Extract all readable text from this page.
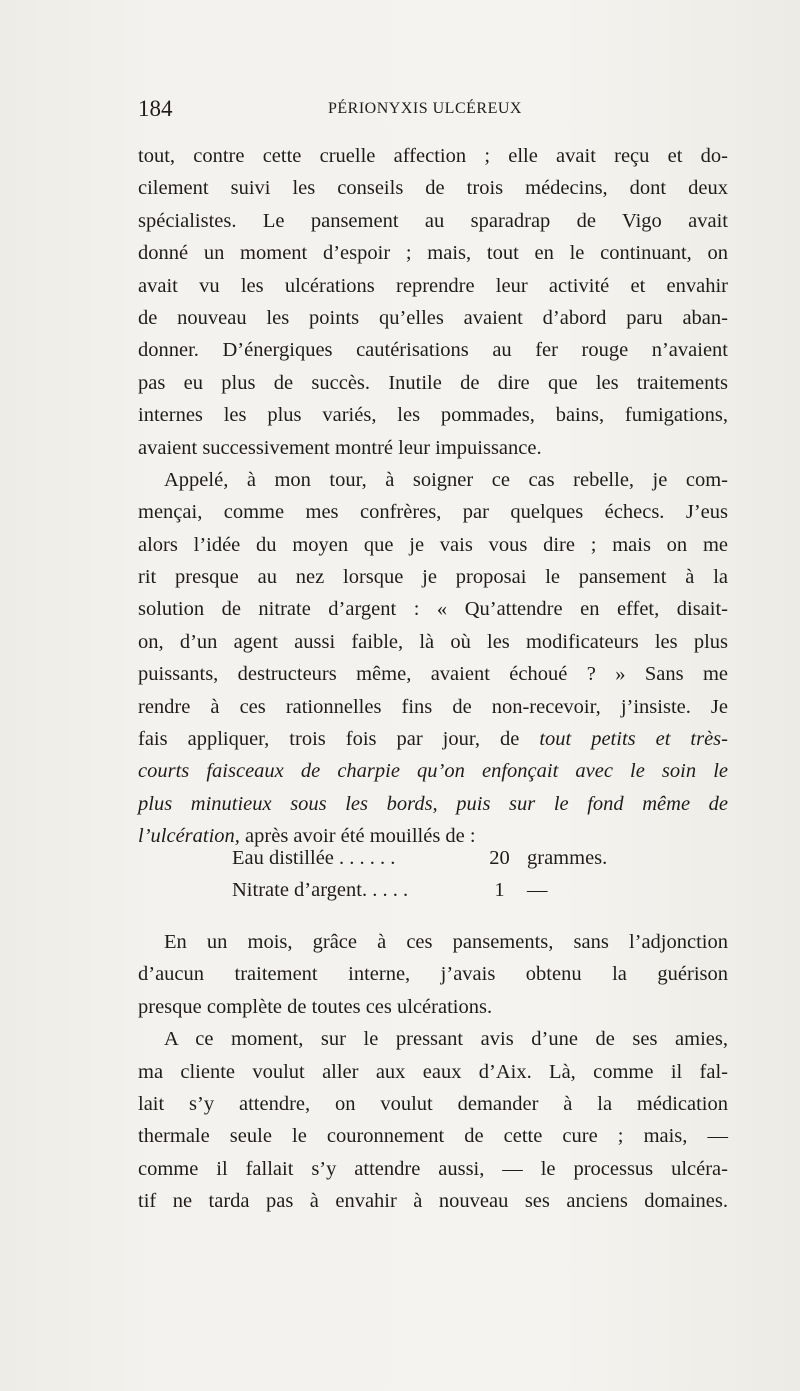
184	PÉRIONYXIS ULCÉREUX
tout, contre cette cruelle affection ; elle avait reçu et do-
cilement suivi les conseils de trois médecins, dont deux
spécialistes. Le pansement au sparadrap de Vigo avait
donné un moment d’espoir ; mais, tout en le continuant, on
avait vu les ulcérations reprendre leur activité et envahir
de nouveau les points qu’elles avaient d’abord paru aban-
donner. D’énergiques cautérisations au fer rouge n’avaient
pas eu plus de succès. Inutile de dire que les traitements
internes les plus variés, les pommades, bains, fumigations,
avaient successivement montré leur impuissance.
Appelé, à mon tour, à soigner ce cas rebelle, je com-
mençai, comme mes confrères, par quelques échecs. J’eus
alors l’idée du moyen que je vais vous dire ; mais on me
rit presque au nez lorsque je proposai le pansement à la
solution de nitrate d’argent : « Qu’attendre en effet, disait-
on, d’un agent aussi faible, là où les modificateurs les plus
puissants, destructeurs même, avaient échoué ? » Sans me
rendre à ces rationnelles fins de non-recevoir, j’insiste. Je
fais appliquer, trois fois par jour, de tout petits et très-
courts faisceaux de charpie qu’on enfonçait avec le soin le
plus minutieux sous les bords, puis sur le fond même de
l’ulcération, après avoir été mouillés de :
Eau distillée . . . . . .	20 grammes.
Nitrate d’argent. . . . .	1	—
En un mois, grâce à ces pansements, sans l’adjonction
d’aucun traitement interne, j’avais obtenu la guérison
presque complète de toutes ces ulcérations.
A ce moment, sur le pressant avis d’une de ses amies,
ma cliente voulut aller aux eaux d’Aix. Là, comme il fal-
lait s’y attendre, on voulut demander à la médication
thermale seule le couronnement de cette cure ; mais, —
comme il fallait s’y attendre aussi, — le processus ulcéra-
tif ne tarda pas à envahir à nouveau ses anciens domaines.
